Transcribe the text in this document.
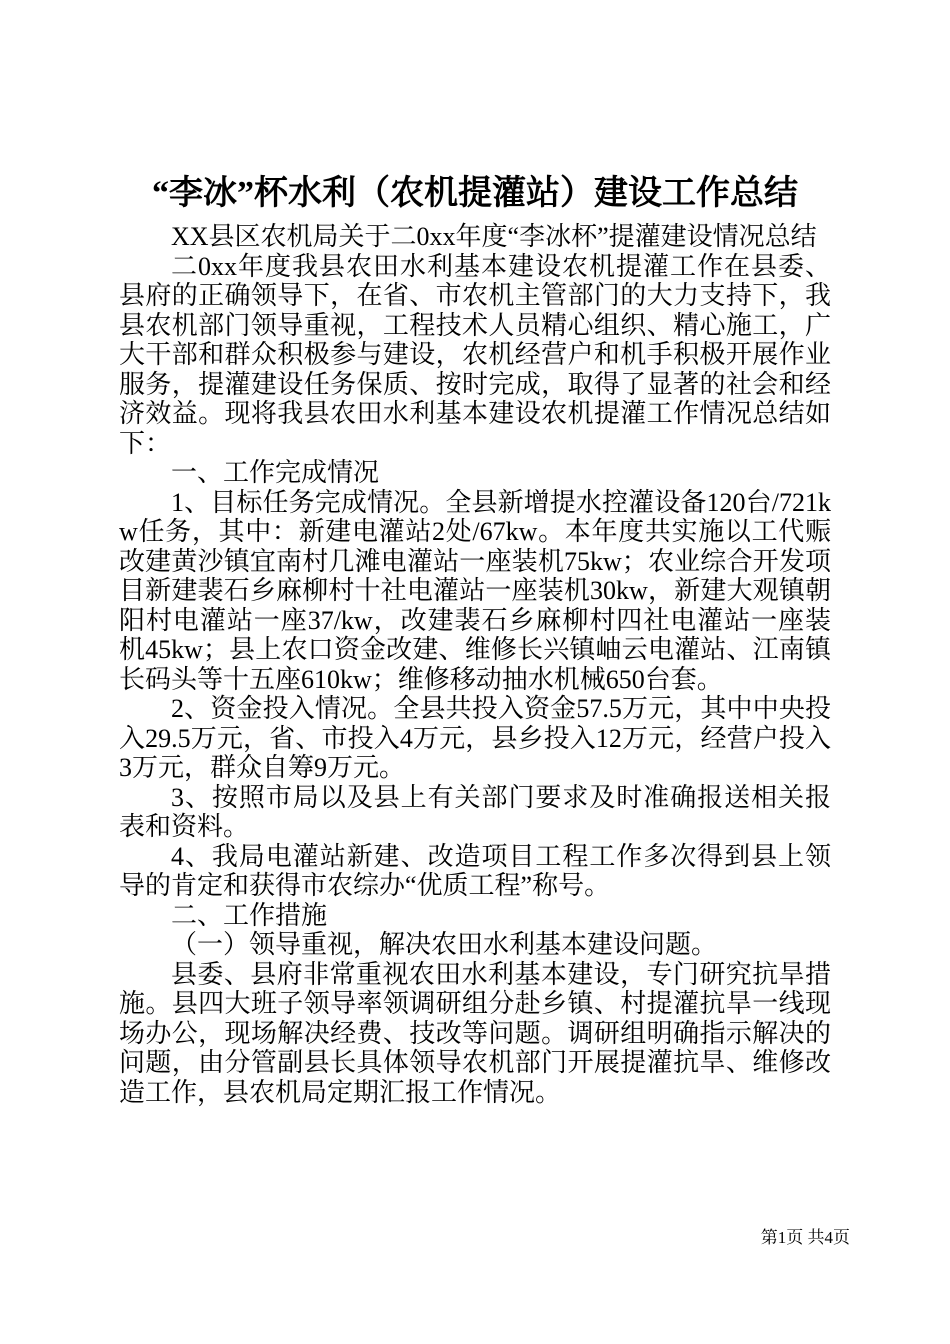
“李冰”杯水利（农机提灌站）建设工作总结

XX县区农机局关于二0xx年度“李冰杯”提灌建设情况总结

二0xx年度我县农田水利基本建设农机提灌工作在县委、县府的正确领导下，在省、市农机主管部门的大力支持下，我县农机部门领导重视，工程技术人员精心组织、精心施工，广大干部和群众积极参与建设，农机经营户和机手积极开展作业服务，提灌建设任务保质、按时完成，取得了显著的社会和经济效益。现将我县农田水利基本建设农机提灌工作情况总结如下：

一、工作完成情况

1、目标任务完成情况。全县新增提水控灌设备120台/721kw任务，其中：新建电灌站2处/67kw。本年度共实施以工代赈改建黄沙镇宜南村几滩电灌站一座装机75kw；农业综合开发项目新建裴石乡麻柳村十社电灌站一座装机30kw，新建大观镇朝阳村电灌站一座37/kw，改建裴石乡麻柳村四社电灌站一座装机45kw；县上农口资金改建、维修长兴镇岫云电灌站、江南镇长码头等十五座610kw；维修移动抽水机械650台套。

2、资金投入情况。全县共投入资金57.5万元，其中中央投入29.5万元，省、市投入4万元，县乡投入12万元，经营户投入3万元，群众自筹9万元。

3、按照市局以及县上有关部门要求及时准确报送相关报表和资料。

4、我局电灌站新建、改造项目工程工作多次得到县上领导的肯定和获得市农综办“优质工程”称号。

二、工作措施

（一）领导重视，解决农田水利基本建设问题。

县委、县府非常重视农田水利基本建设，专门研究抗旱措施。县四大班子领导率领调研组分赴乡镇、村提灌抗旱一线现场办公，现场解决经费、技改等问题。调研组明确指示解决的问题，由分管副县长具体领导农机部门开展提灌抗旱、维修改造工作，县农机局定期汇报工作情况。

第1页 共4页
